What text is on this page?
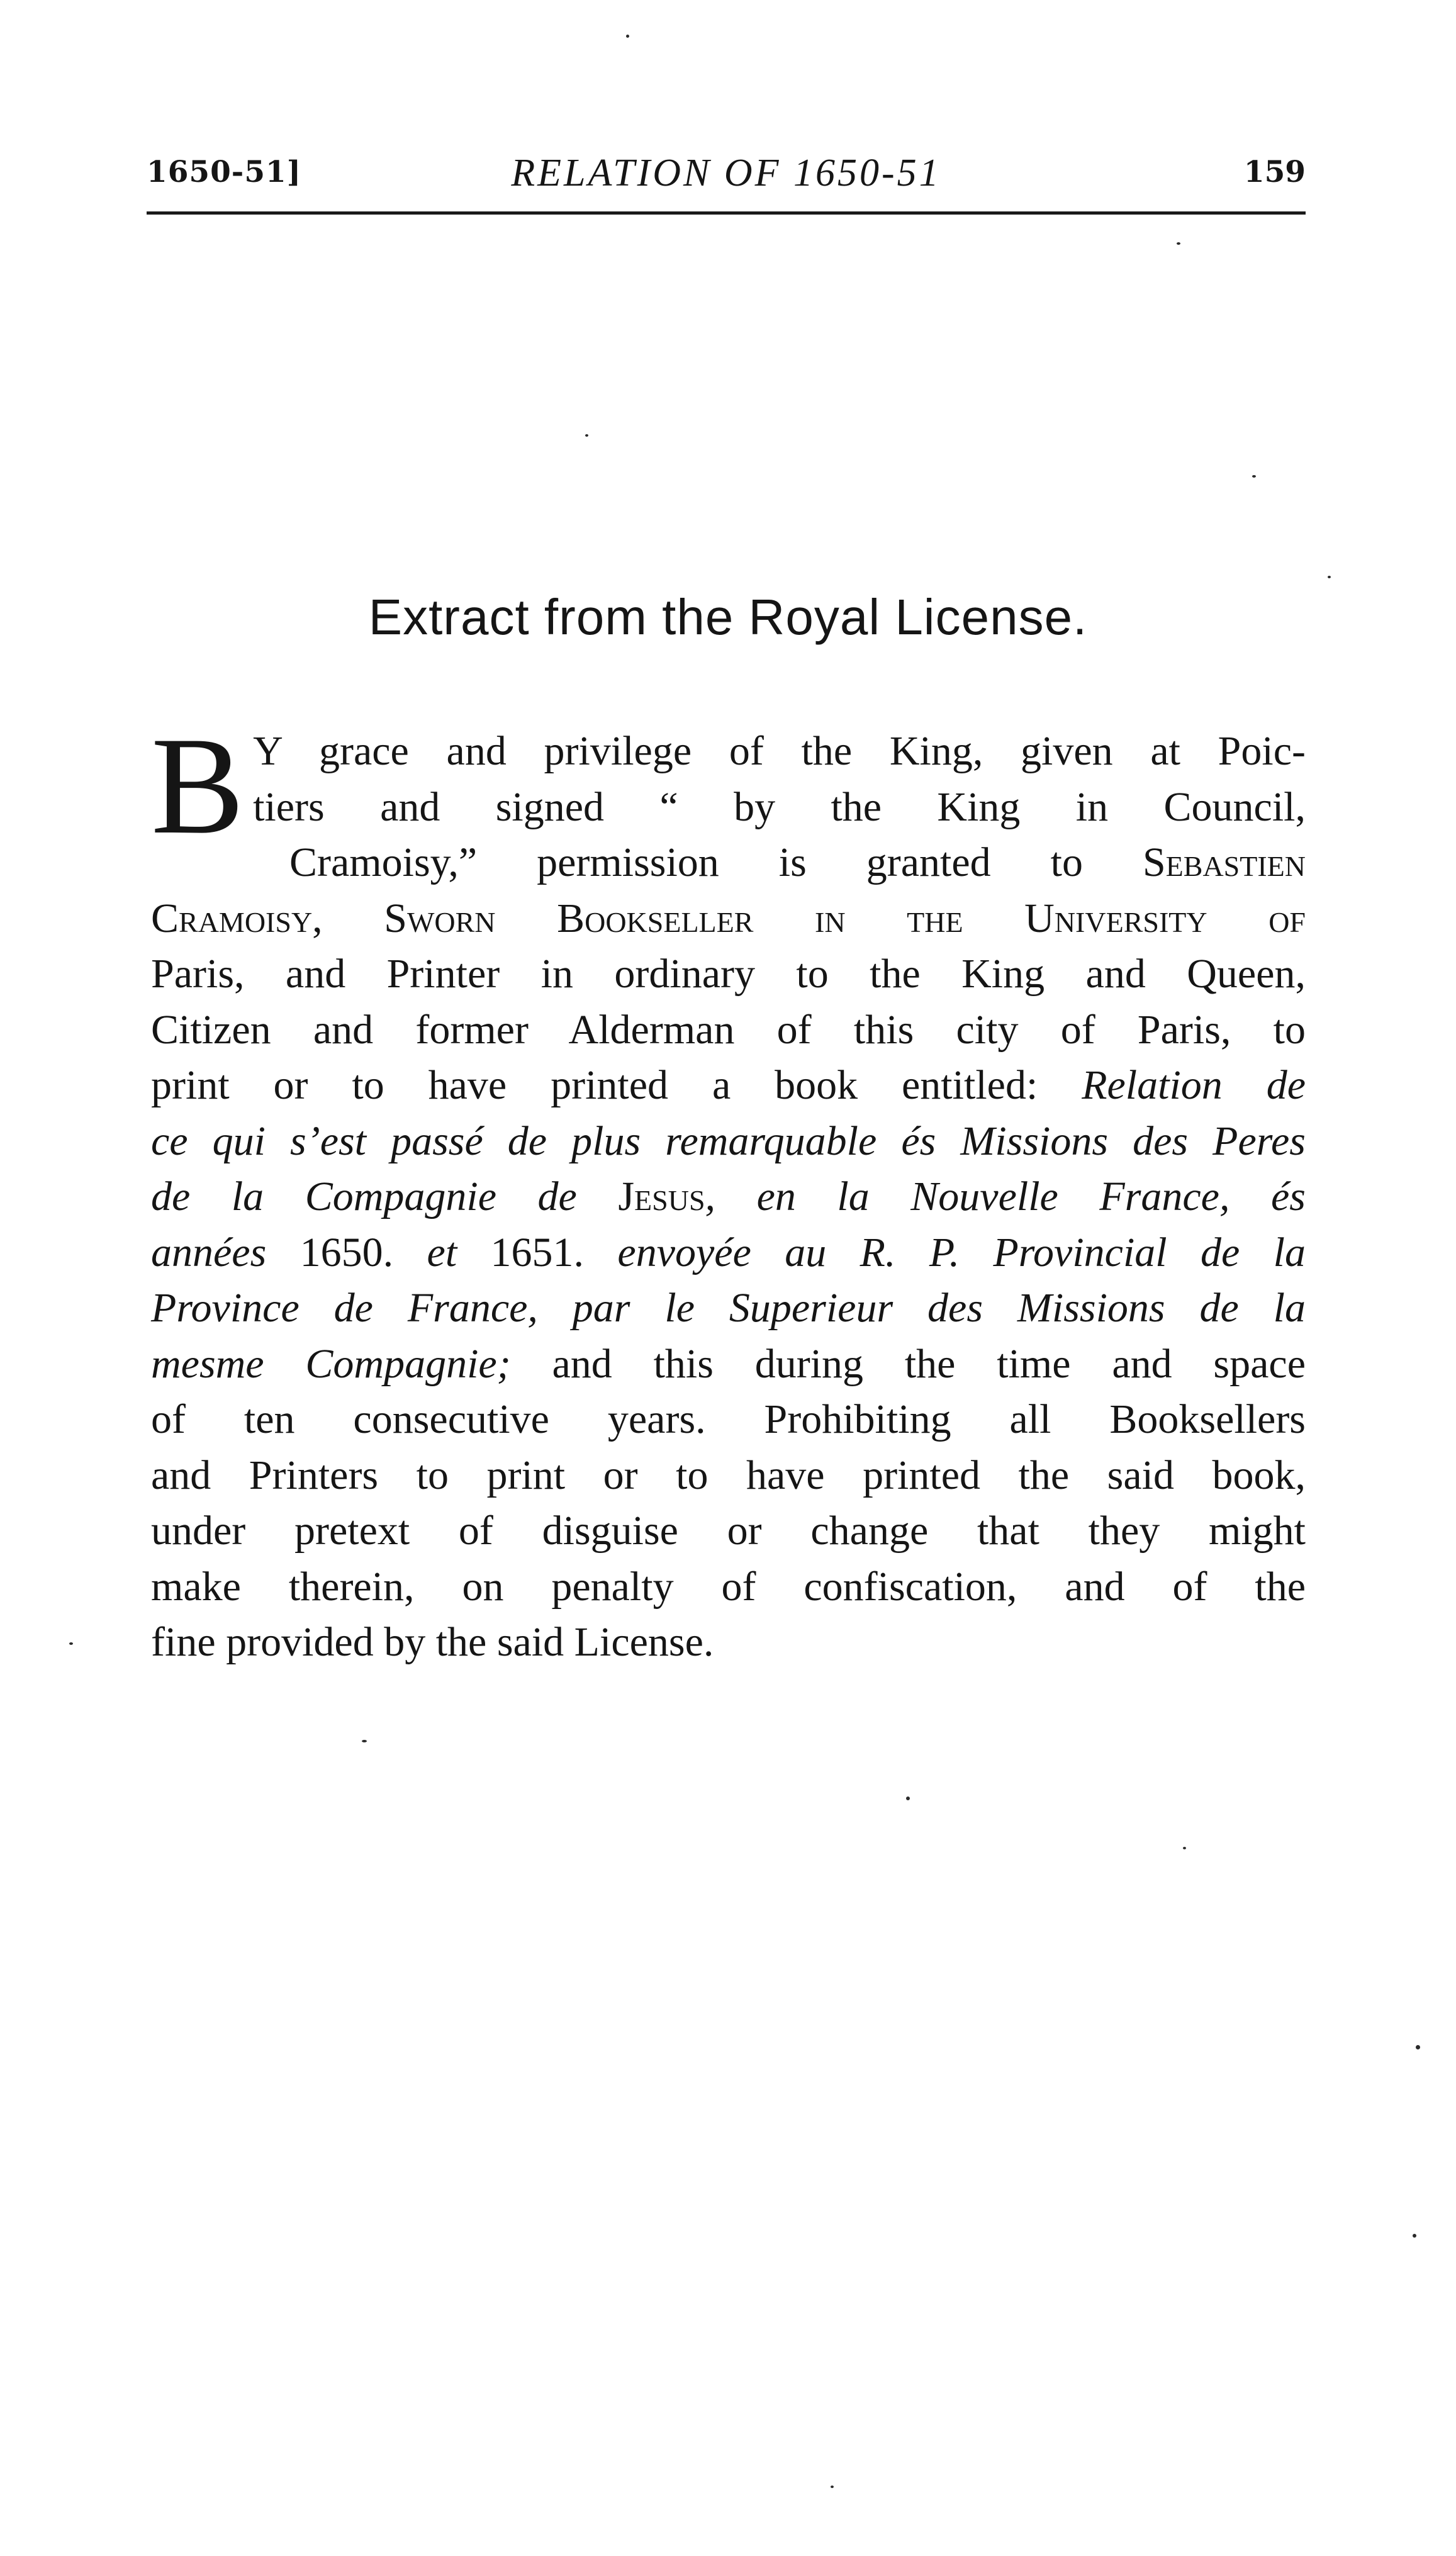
1650-51]	RELATION OF 1650-51	159
Extract from the Royal License.
B Y grace and privilege of the King, given at Poic-
tiers and signed “ by the King in Council,
Cramoisy,” permission is granted to Sebastien
Cramoisy, Sworn Bookseller in the University of
Paris, and Printer in ordinary to the King and Queen,
Citizen and former Alderman of this city of Paris, to
print or to have printed a book entitled: Relation de
ce qui s’est passé de plus remarquable és Missions des Peres
de la Compagnie de Jesus, en la Nouvelle France, és
années 1650. et 1651. envoyée au R. P. Provincial de la
Province de France, par le Superieur des Missions de la
mesme Compagnie; and this during the time and space
of ten consecutive years. Prohibiting all Booksellers
and Printers to print or to have printed the said book,
under pretext of disguise or change that they might
make therein, on penalty of confiscation, and of the
fine provided by the said License.
